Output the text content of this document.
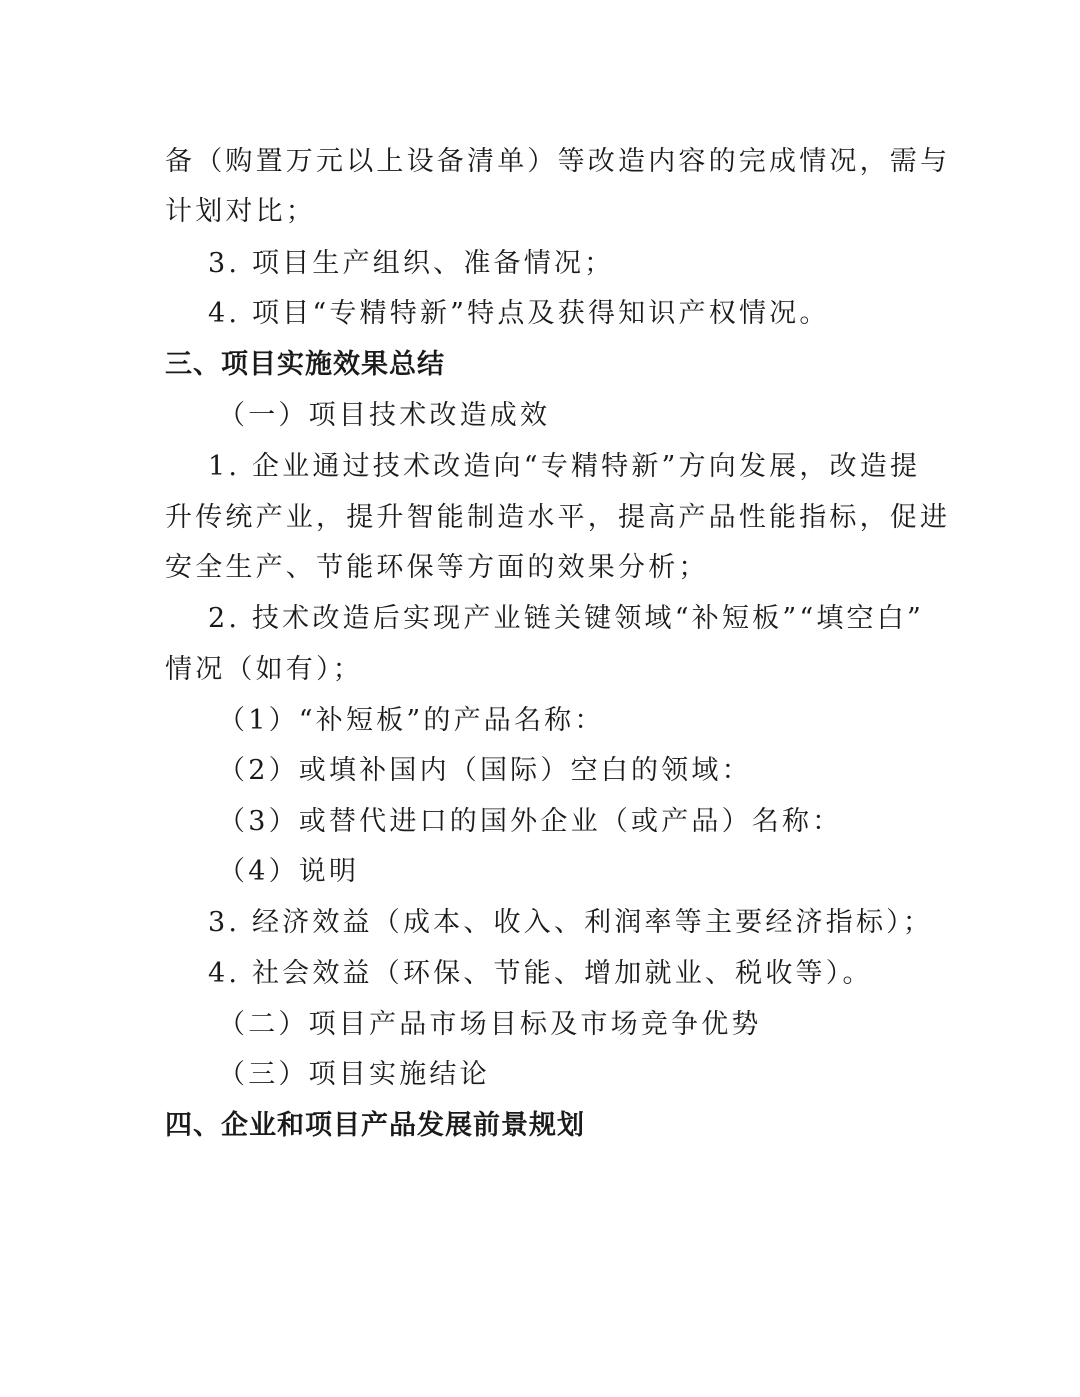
备（购置万元以上设备清单）等改造内容的完成情况，需与
计划对比；
3. 项目生产组织、准备情况；
4. 项目“专精特新”特点及获得知识产权情况。
三、项目实施效果总结
（一）项目技术改造成效
1. 企业通过技术改造向“专精特新”方向发展，改造提
升传统产业，提升智能制造水平，提高产品性能指标，促进
安全生产、节能环保等方面的效果分析；
2. 技术改造后实现产业链关键领域“补短板”“填空白”
情况（如有）；
（1）“补短板”的产品名称：
（2）或填补国内（国际）空白的领域：
（3）或替代进口的国外企业（或产品）名称：
（4）说明
3. 经济效益（成本、收入、利润率等主要经济指标）；
4. 社会效益（环保、节能、增加就业、税收等）。
（二）项目产品市场目标及市场竞争优势
（三）项目实施结论
四、企业和项目产品发展前景规划
